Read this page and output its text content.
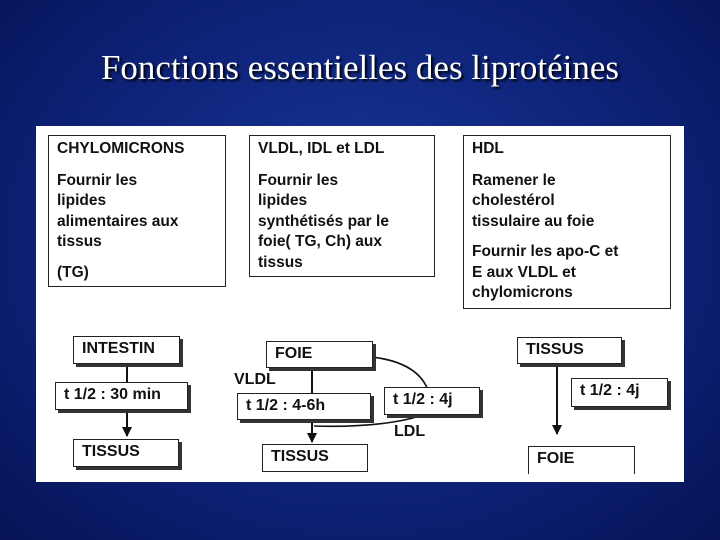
Fonctions essentielles des liprotéines
CHYLOMICRONS
Fournir les
lipides
alimentaires aux
tissus
(TG)
VLDL, IDL et LDL
Fournir les
lipides
synthétisés par le
foie( TG, Ch) aux
tissus
HDL
Ramener le
cholestérol
tissulaire au foie
Fournir les apo-C et
E aux VLDL et
chylomicrons
INTESTIN
t 1/2 : 30 min
TISSUS
FOIE
VLDL
t 1/2 : 4-6h
TISSUS
t 1/2 : 4j
LDL
TISSUS
t 1/2 : 4j
FOIE
